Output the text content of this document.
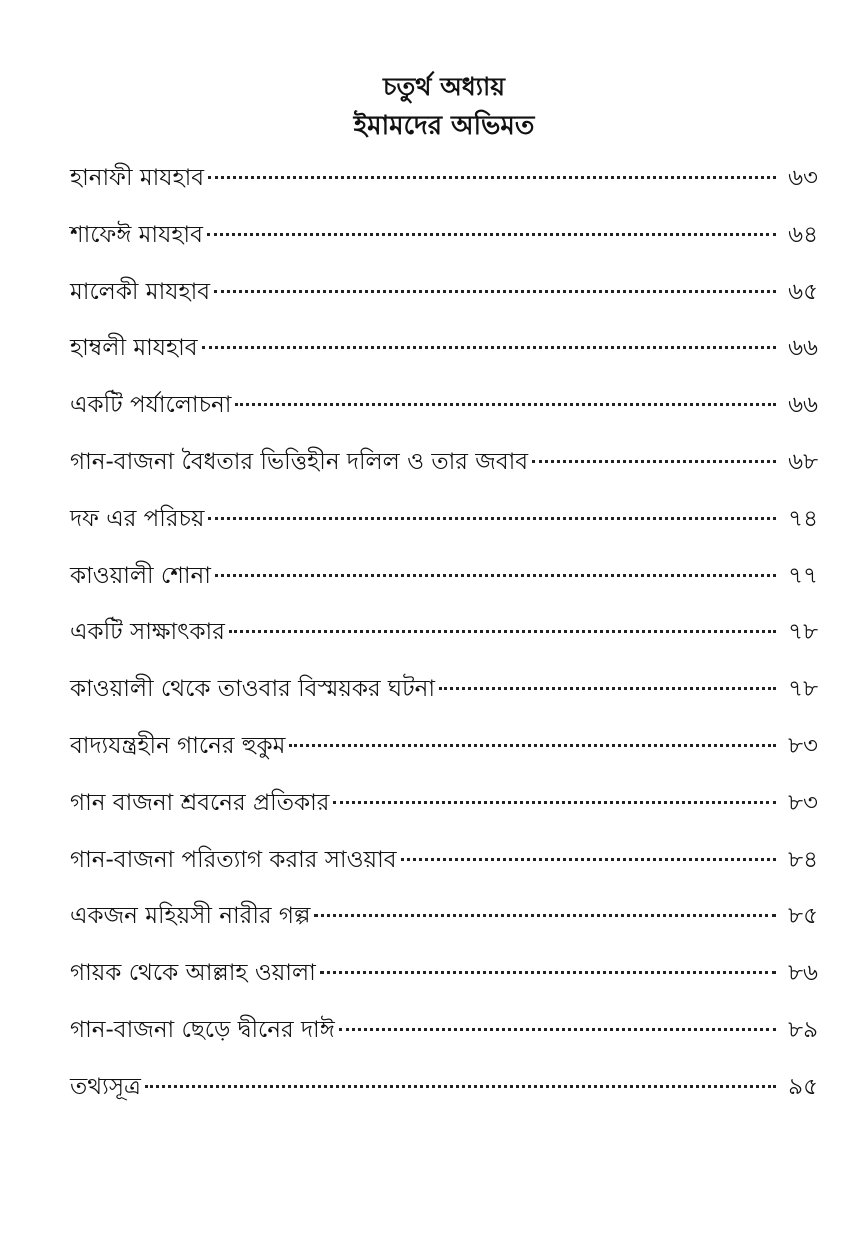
চতুর্থ অধ্যায়
ইমামদের অভিমত
হানাফী মাযহাব	৬৩
শাফেঈ মাযহাব	৬৪
মালেকী মাযহাব	৬৫
হাম্বলী মাযহাব	৬৬
একটি পর্যালোচনা	৬৬
গান-বাজনা বৈধতার ভিত্তিহীন দলিল ও তার জবাব	৬৮
দফ এর পরিচয়	৭৪
কাওয়ালী শোনা	৭৭
একটি সাক্ষাৎকার	৭৮
কাওয়ালী থেকে তাওবার বিস্ময়কর ঘটনা	৭৮
বাদ্যযন্ত্রহীন গানের হুকুম	৮৩
গান বাজনা শ্রবনের প্রতিকার	৮৩
গান-বাজনা পরিত্যাগ করার সাওয়াব	৮৪
একজন মহিয়সী নারীর গল্প	৮৫
গায়ক থেকে আল্লাহ ওয়ালা	৮৬
গান-বাজনা ছেড়ে দ্বীনের দাঈ	৮৯
তথ্যসূত্র	৯৫
